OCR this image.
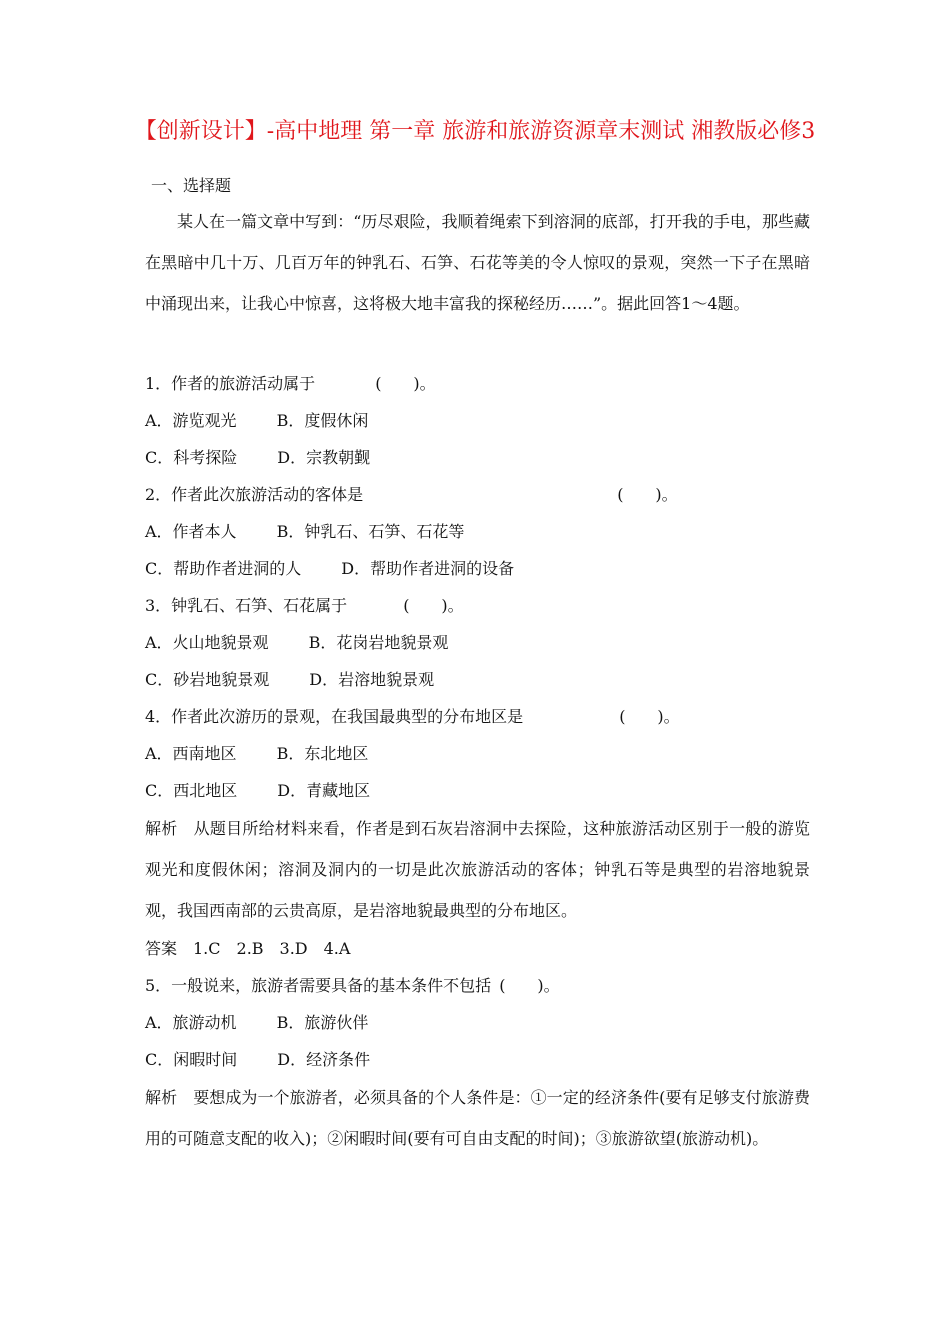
【创新设计】-高中地理 第一章 旅游和旅游资源章末测试 湘教版必修3
一、选择题
某人在一篇文章中写到：“历尽艰险，我顺着绳索下到溶洞的底部，打开我的手电，那些藏在黑暗中几十万、几百万年的钟乳石、石笋、石花等美的令人惊叹的景观，突然一下子在黑暗中涌现出来，让我心中惊喜，这将极大地丰富我的探秘经历……”。据此回答1～4题。
1．作者的旅游活动属于	(　　)。
A．游览观光	B．度假休闲
C．科考探险	D．宗教朝觐
2．作者此次旅游活动的客体是	(　　)。
A．作者本人	B．钟乳石、石笋、石花等
C．帮助作者进洞的人	D．帮助作者进洞的设备
3．钟乳石、石笋、石花属于	(　　)。
A．火山地貌景观	B．花岗岩地貌景观
C．砂岩地貌景观	D．岩溶地貌景观
4．作者此次游历的景观，在我国最典型的分布地区是	(　　)。
A．西南地区	B．东北地区
C．西北地区	D．青藏地区
解析　从题目所给材料来看，作者是到石灰岩溶洞中去探险，这种旅游活动区别于一般的游览观光和度假休闲；溶洞及洞内的一切是此次旅游活动的客体；钟乳石等是典型的岩溶地貌景观，我国西南部的云贵高原，是岩溶地貌最典型的分布地区。
答案　1.C　2.B　3.D　4.A
5．一般说来，旅游者需要具备的基本条件不包括 (　　)。
A．旅游动机	B．旅游伙伴
C．闲暇时间	D．经济条件
解析　要想成为一个旅游者，必须具备的个人条件是：①一定的经济条件(要有足够支付旅游费用的可随意支配的收入)；②闲暇时间(要有可自由支配的时间)；③旅游欲望(旅游动机)。
